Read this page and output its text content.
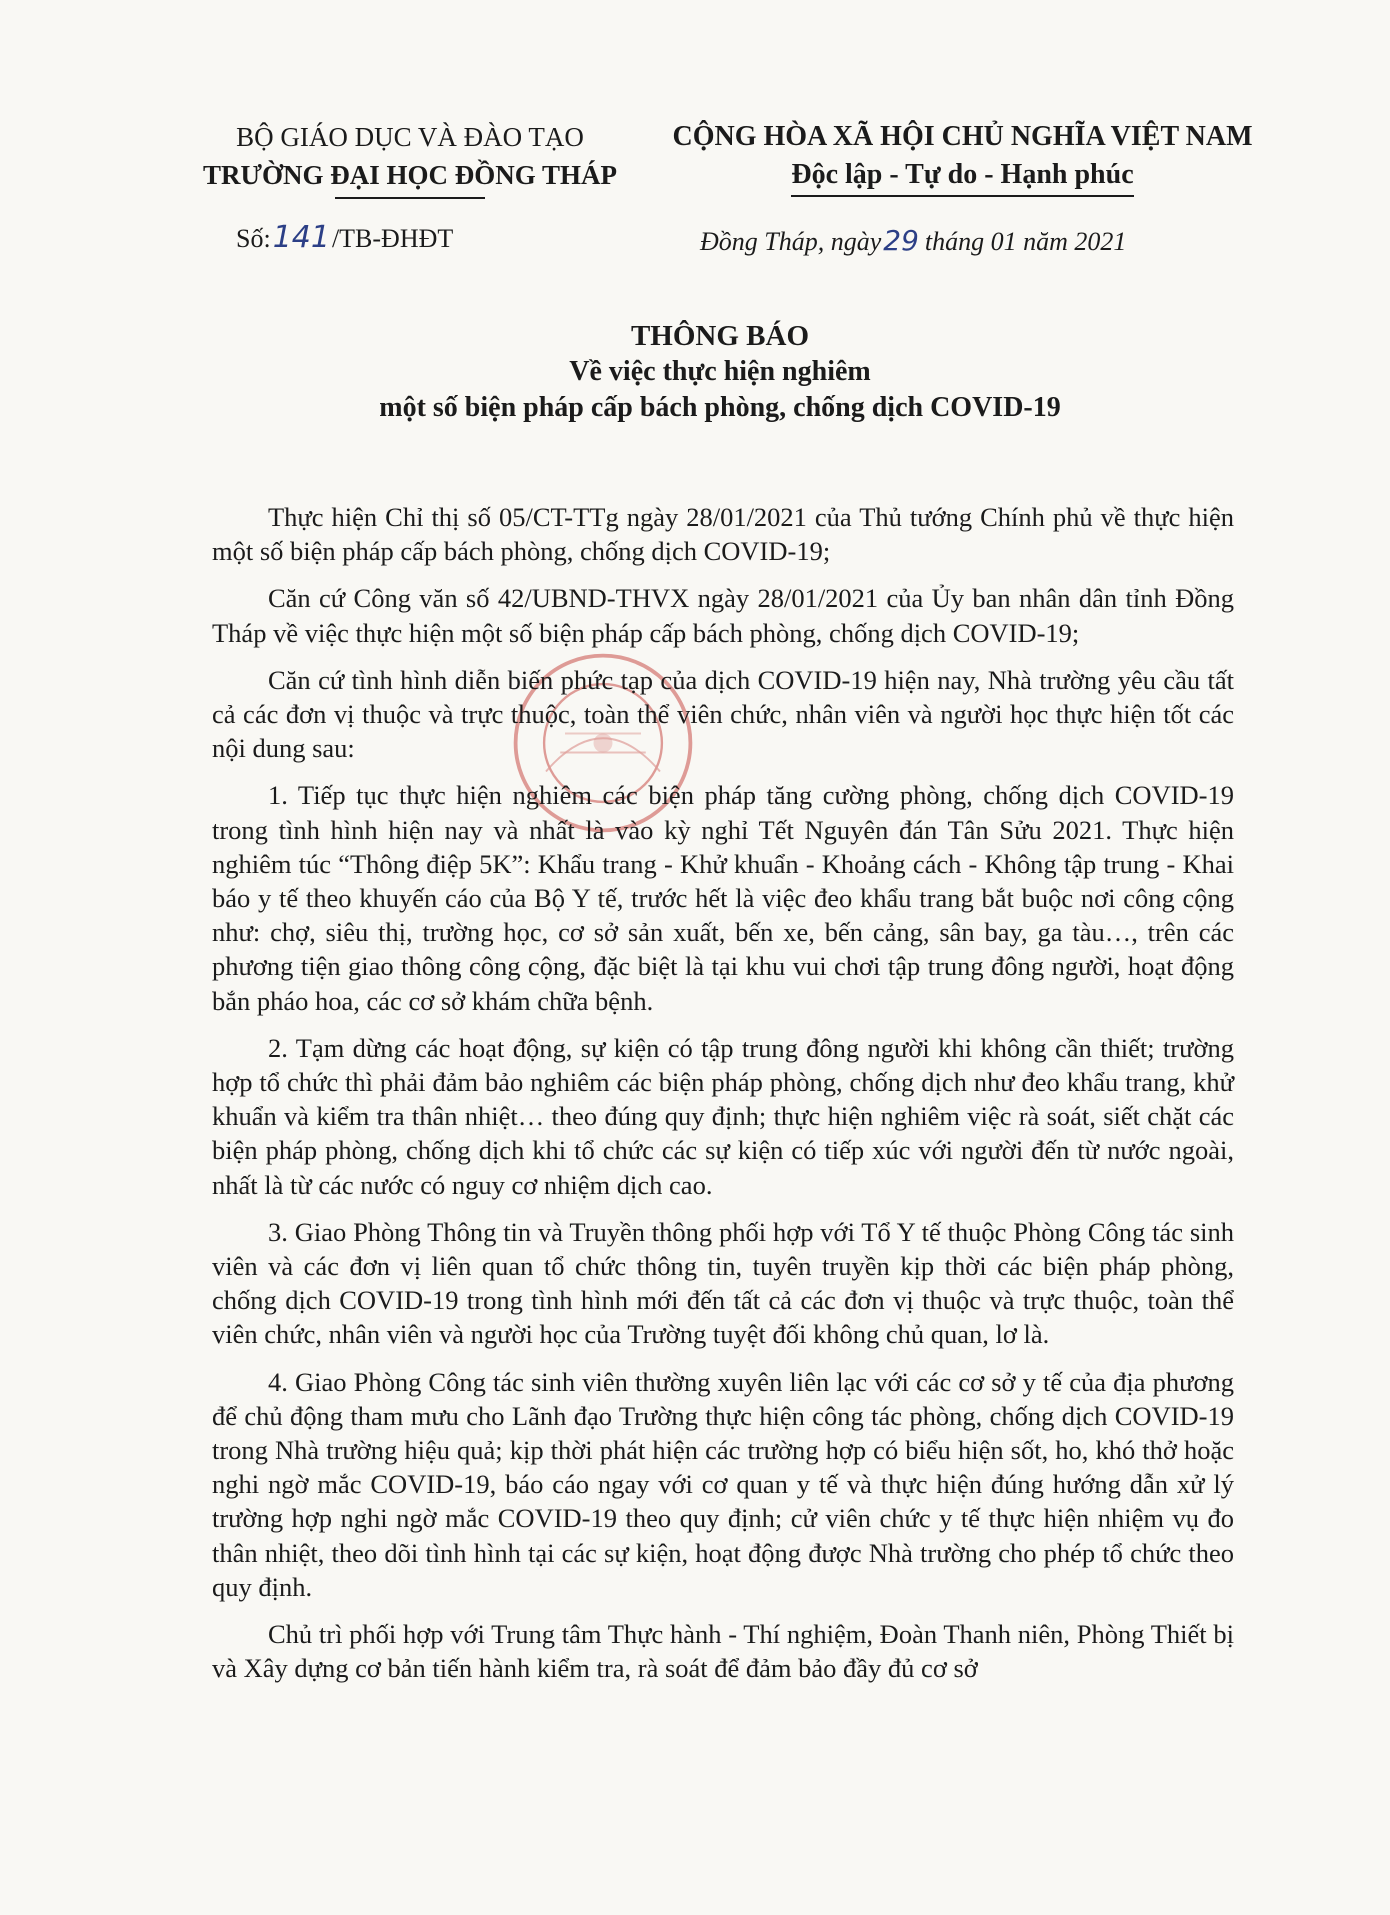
BỘ GIÁO DỤC VÀ ĐÀO TẠO
TRƯỜNG ĐẠI HỌC ĐỒNG THÁP
CỘNG HÒA XÃ HỘI CHỦ NGHĨA VIỆT NAM
Độc lập - Tự do - Hạnh phúc
Số: 141 /TB-ĐHĐT	Đồng Tháp, ngày 29 tháng 01 năm 2021
THÔNG BÁO
Về việc thực hiện nghiêm
một số biện pháp cấp bách phòng, chống dịch COVID-19

Thực hiện Chỉ thị số 05/CT-TTg ngày 28/01/2021 của Thủ tướng Chính phủ về thực hiện một số biện pháp cấp bách phòng, chống dịch COVID-19;

Căn cứ Công văn số 42/UBND-THVX ngày 28/01/2021 của Ủy ban nhân dân tỉnh Đồng Tháp về việc thực hiện một số biện pháp cấp bách phòng, chống dịch COVID-19;

Căn cứ tình hình diễn biến phức tạp của dịch COVID-19 hiện nay, Nhà trường yêu cầu tất cả các đơn vị thuộc và trực thuộc, toàn thể viên chức, nhân viên và người học thực hiện tốt các nội dung sau:

1. Tiếp tục thực hiện nghiêm các biện pháp tăng cường phòng, chống dịch COVID-19 trong tình hình hiện nay và nhất là vào kỳ nghỉ Tết Nguyên đán Tân Sửu 2021. Thực hiện nghiêm túc “Thông điệp 5K”: Khẩu trang - Khử khuẩn - Khoảng cách - Không tập trung - Khai báo y tế theo khuyến cáo của Bộ Y tế, trước hết là việc đeo khẩu trang bắt buộc nơi công cộng như: chợ, siêu thị, trường học, cơ sở sản xuất, bến xe, bến cảng, sân bay, ga tàu…, trên các phương tiện giao thông công cộng, đặc biệt là tại khu vui chơi tập trung đông người, hoạt động bắn pháo hoa, các cơ sở khám chữa bệnh.

2. Tạm dừng các hoạt động, sự kiện có tập trung đông người khi không cần thiết; trường hợp tổ chức thì phải đảm bảo nghiêm các biện pháp phòng, chống dịch như đeo khẩu trang, khử khuẩn và kiểm tra thân nhiệt… theo đúng quy định; thực hiện nghiêm việc rà soát, siết chặt các biện pháp phòng, chống dịch khi tổ chức các sự kiện có tiếp xúc với người đến từ nước ngoài, nhất là từ các nước có nguy cơ nhiệm dịch cao.

3. Giao Phòng Thông tin và Truyền thông phối hợp với Tổ Y tế thuộc Phòng Công tác sinh viên và các đơn vị liên quan tổ chức thông tin, tuyên truyền kịp thời các biện pháp phòng, chống dịch COVID-19 trong tình hình mới đến tất cả các đơn vị thuộc và trực thuộc, toàn thể viên chức, nhân viên và người học của Trường tuyệt đối không chủ quan, lơ là.

4. Giao Phòng Công tác sinh viên thường xuyên liên lạc với các cơ sở y tế của địa phương để chủ động tham mưu cho Lãnh đạo Trường thực hiện công tác phòng, chống dịch COVID-19 trong Nhà trường hiệu quả; kịp thời phát hiện các trường hợp có biểu hiện sốt, ho, khó thở hoặc nghi ngờ mắc COVID-19, báo cáo ngay với cơ quan y tế và thực hiện đúng hướng dẫn xử lý trường hợp nghi ngờ mắc COVID-19 theo quy định; cử viên chức y tế thực hiện nhiệm vụ đo thân nhiệt, theo dõi tình hình tại các sự kiện, hoạt động được Nhà trường cho phép tổ chức theo quy định.

Chủ trì phối hợp với Trung tâm Thực hành - Thí nghiệm, Đoàn Thanh niên, Phòng Thiết bị và Xây dựng cơ bản tiến hành kiểm tra, rà soát để đảm bảo đầy đủ cơ sở
